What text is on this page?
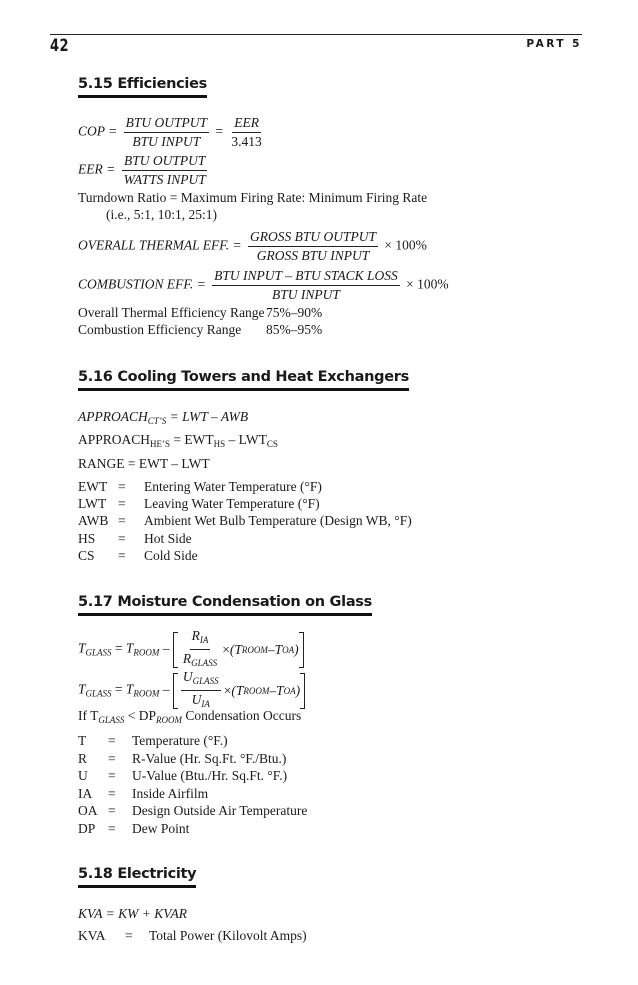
42	PART 5
5.15 Efficiencies
COP = $\frac{\text{BTU OUTPUT}}{\text{BTU INPUT}} = \frac{\text{EER}}{3.413}$
EER = $\frac{\text{BTU OUTPUT}}{\text{WATTS INPUT}}$
Turndown Ratio = Maximum Firing Rate: Minimum Firing Rate
(i.e., 5:1, 10:1, 25:1)
OVERALL THERMAL EFF. = $\frac{\text{GROSS BTU OUTPUT}}{\text{GROSS BTU INPUT}} \times 100\%$
COMBUSTION EFF. = $\frac{\text{BTU INPUT – BTU STACK LOSS}}{\text{BTU INPUT}} \times 100\%$
Overall Thermal Efficiency Range 75%–90%
Combustion Efficiency Range 85%–95%
5.16 Cooling Towers and Heat Exchangers
$APPROACH_{CT’S}$ = LWT – AWB
$APPROACH_{HE’S} = EWT_{HS} - LWT_{CS}$
RANGE = EWT – LWT
EWT = Entering Water Temperature (°F)
LWT = Leaving Water Temperature (°F)
AWB = Ambient Wet Bulb Temperature (Design WB, °F)
HS = Hot Side
CS = Cold Side
5.17 Moisture Condensation on Glass
$T_{GLASS} = T_{ROOM} - \frac{R_{IA}}{R_{GLASS}}$ × ( T ROOM – T OA )
$T_{GLASS} = T_{ROOM} - \frac{U_{GLASS}}{U_{IA}}$ × ( T ROOM – T OA )
If $T_{GLASS} < DP_{ROOM}$ Condensation Occurs
T = Temperature (°F.)
R = R-Value (Hr. Sq.Ft. °F./Btu.)
U = U-Value (Btu./Hr. Sq.Ft. °F.)
IA = Inside Airfilm
OA = Design Outside Air Temperature
DP = Dew Point
5.18 Electricity
KVA = KW + KVAR
KVA = Total Power (Kilovolt Amps)
